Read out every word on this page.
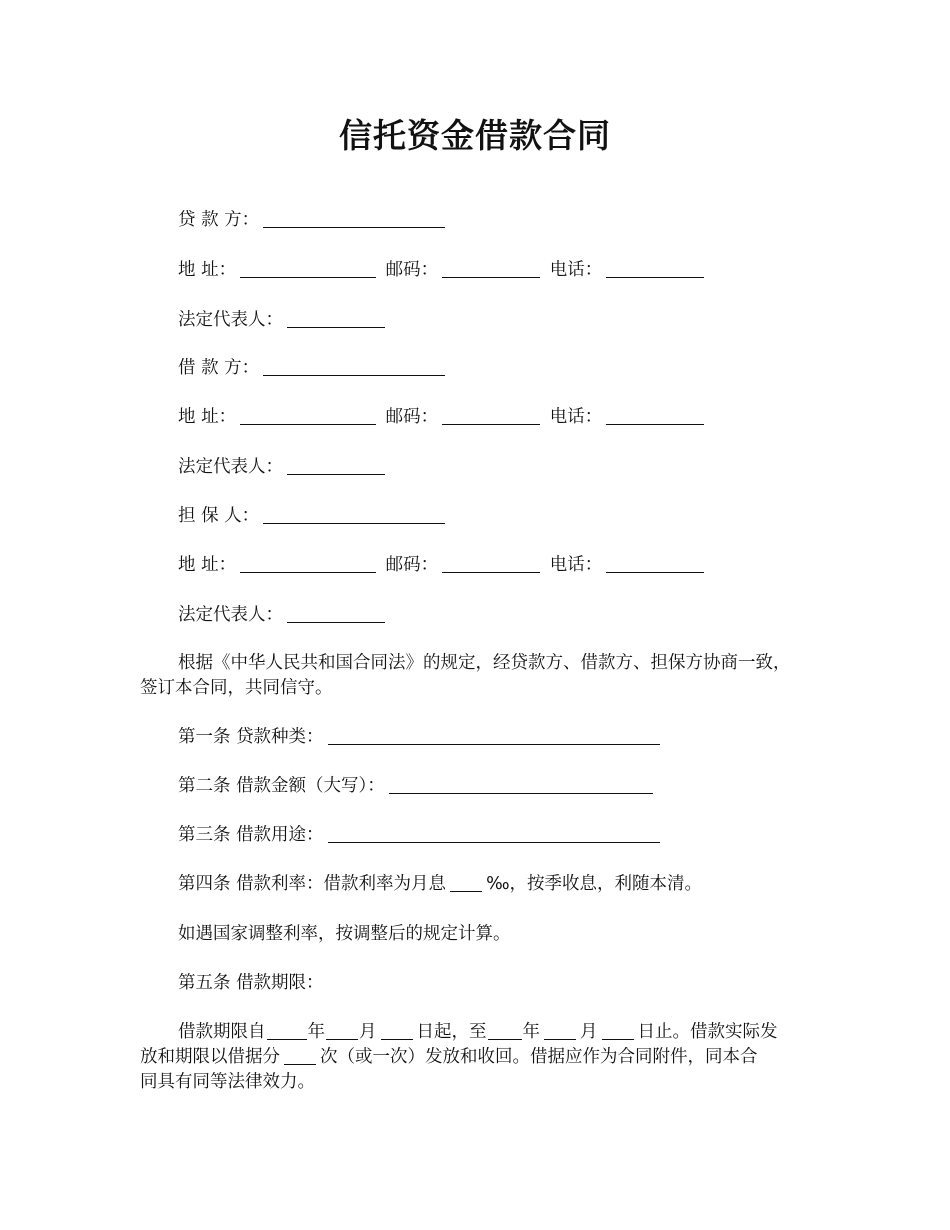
信托资金借款合同
贷 款 方：
地 址：	邮码：	电话：
法定代表人：
借 款 方：
地 址：	邮码：	电话：
法定代表人：
担 保 人：
地 址：	邮码：	电话：
法定代表人：
根据《中华人民共和国合同法》的规定，经贷款方、借款方、担保方协商一致，
签订本合同，共同信守。
第一条 贷款种类：
第二条 借款金额（大写）：
第三条 借款用途：
第四条 借款利率：借款利率为月息 ‰，按季收息，利随本清。
如遇国家调整利率，按调整后的规定计算。
第五条 借款期限：
借款期限自 年 月 日起，至 年 月 日止。借款实际发
放和期限以借据分 次（或一次）发放和收回。借据应作为合同附件，同本合
同具有同等法律效力。
